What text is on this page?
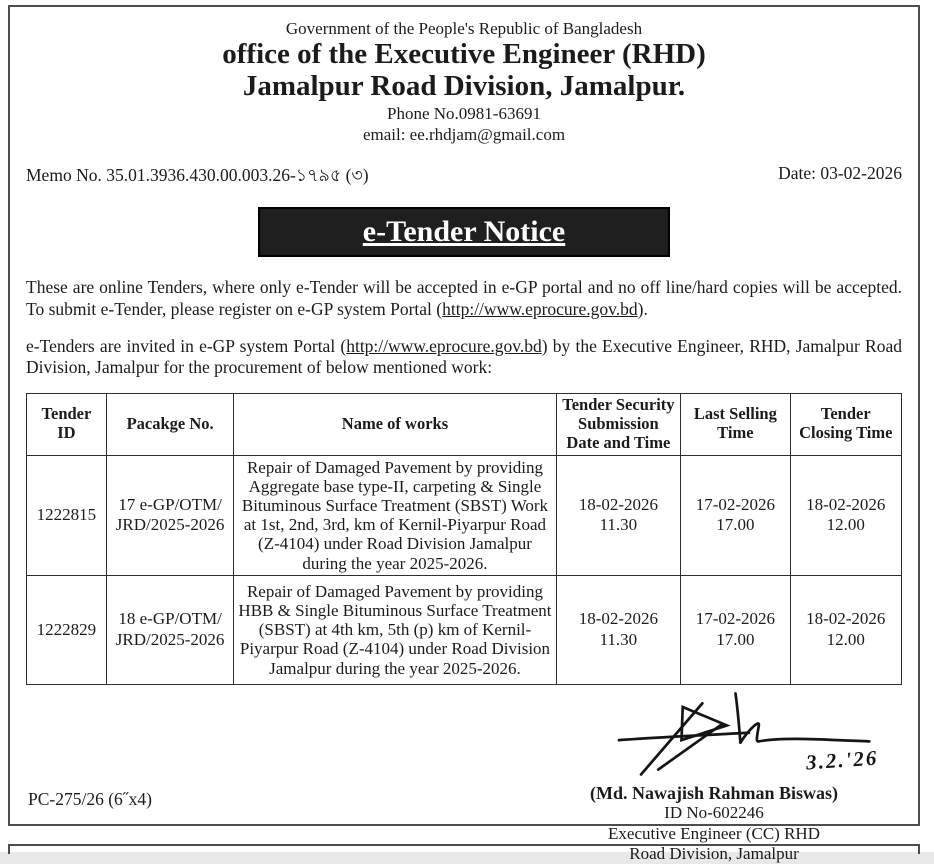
Government of the People's Republic of Bangladesh
office of the Executive Engineer (RHD)
Jamalpur Road Division, Jamalpur.
Phone No.0981-63691
email: ee.rhdjam@gmail.com
Memo No. 35.01.3936.430.00.003.26-১৭৯৫ (৩)	Date: 03-02-2026
e-Tender Notice

These are online Tenders, where only e-Tender will be accepted in e-GP portal and no off line/hard copies will be accepted. To submit e-Tender, please register on e-GP system Portal (http://www.eprocure.gov.bd).

e-Tenders are invited in e-GP system Portal (http://www.eprocure.gov.bd) by the Executive Engineer, RHD, Jamalpur Road Division, Jamalpur for the procurement of below mentioned work:

Tender ID	Pacakge No.	Name of works	Tender Security Submission Date and Time	Last Selling Time	Tender Closing Time
1222815	17 e-GP/OTM/
JRD/2025-2026	Repair of Damaged Pavement by providing Aggregate base type-II, carpeting & Single Bituminous Surface Treatment (SBST) Work at 1st, 2nd, 3rd, km of Kernil-Piyarpur Road (Z-4104) under Road Division Jamalpur during the year 2025-2026.	18-02-2026
11.30	17-02-2026
17.00	18-02-2026
12.00

1222829	18 e-GP/OTM/
JRD/2025-2026	Repair of Damaged Pavement by providing HBB & Single Bituminous Surface Treatment (SBST) at 4th km, 5th (p) km of Kernil-Piyarpur Road (Z-4104) under Road Division Jamalpur during the year 2025-2026.	18-02-2026
11.30	17-02-2026
17.00	18-02-2026
12.00
3.2.'26
(Md. Nawajish Rahman Biswas)
ID No-602246
Executive Engineer (CC) RHD
Road Division, Jamalpur
PC-275/26 (6˝x4)
